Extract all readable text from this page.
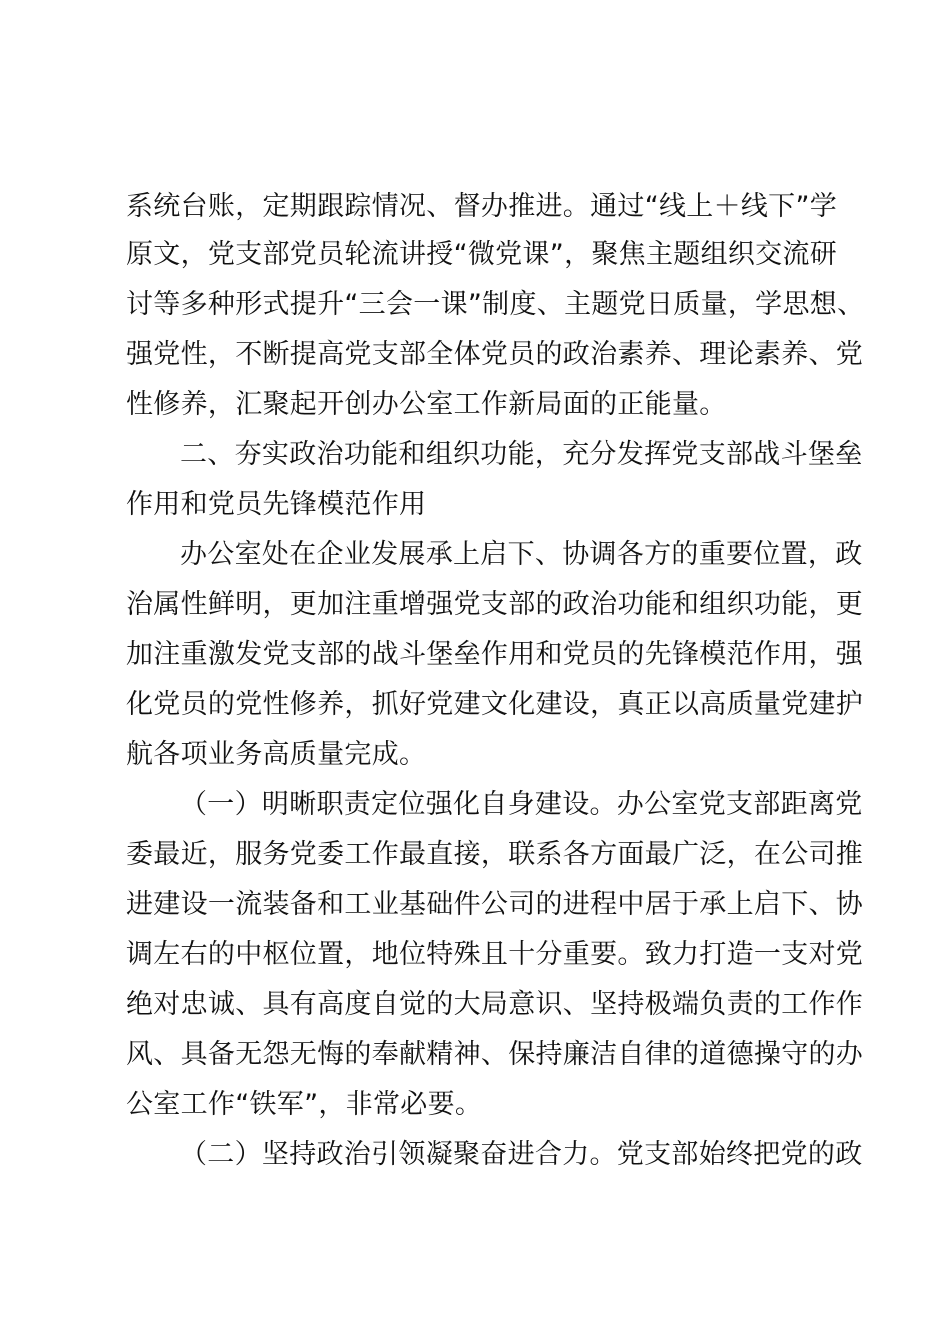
系统台账，定期跟踪情况、督办推进。通过“线上＋线下”学
原文，党支部党员轮流讲授“微党课”，聚焦主题组织交流研
讨等多种形式提升“三会一课”制度、主题党日质量，学思想、
强党性，不断提高党支部全体党员的政治素养、理论素养、党
性修养，汇聚起开创办公室工作新局面的正能量。
二、夯实政治功能和组织功能，充分发挥党支部战斗堡垒
作用和党员先锋模范作用
办公室处在企业发展承上启下、协调各方的重要位置，政
治属性鲜明，更加注重增强党支部的政治功能和组织功能，更
加注重激发党支部的战斗堡垒作用和党员的先锋模范作用，强
化党员的党性修养，抓好党建文化建设，真正以高质量党建护
航各项业务高质量完成。
（一）明晰职责定位强化自身建设。办公室党支部距离党
委最近，服务党委工作最直接，联系各方面最广泛，在公司推
进建设一流装备和工业基础件公司的进程中居于承上启下、协
调左右的中枢位置，地位特殊且十分重要。致力打造一支对党
绝对忠诚、具有高度自觉的大局意识、坚持极端负责的工作作
风、具备无怨无悔的奉献精神、保持廉洁自律的道德操守的办
公室工作“铁军”，非常必要。
（二）坚持政治引领凝聚奋进合力。党支部始终把党的政
